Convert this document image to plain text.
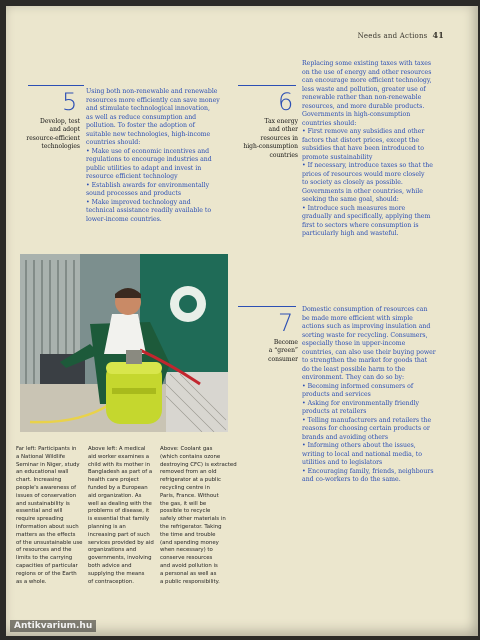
Needs and Actions 41
5
Develop, test
and adopt
resource-efficient
technologies
Using both non-renewable and renewable
resources more efficiently can save money
and stimulate technological innovation,
as well as reduce consumption and
pollution. To foster the adoption of
suitable new technologies, high-income
countries should:
• Make use of economic incentives and
regulations to encourage industries and
public utilities to adapt and invest in
resource efficient technology
• Establish awards for environmentally
sound processes and products
• Make improved technology and
technical assistance readily available to
lower-income countries.
6
Tax energy
and other
resources in
high-consumption
countries
Replacing some existing taxes with taxes
on the use of energy and other resources
can encourage more efficient technology,
less waste and pollution, greater use of
renewable rather than non-renewable
resources, and more durable products.
Governments in high-consumption
countries should:
• First remove any subsidies and other
factors that distort prices, except the
subsidies that have been introduced to
promote sustainability
• If necessary, introduce taxes so that the
prices of resources would more closely
to society as closely as possible.
Governments in other countries, while
seeking the same goal, should:
• Introduce such measures more
gradually and specifically, applying them
first to sectors where consumption is
particularly high and wasteful.
7
Become
a “green”
consumer
Domestic consumption of resources can
be made more efficient with simple
actions such as improving insulation and
sorting waste for recycling. Consumers,
especially those in upper-income
countries, can also use their buying power
to strengthen the market for goods that
do the least possible harm to the
environment. They can do so by:
• Becoming informed consumers of
products and services
• Asking for environmentally friendly
products at retailers
• Telling manufacturers and retailers the
reasons for choosing certain products or
brands and avoiding others
• Informing others about the issues,
writing to local and national media, to
utilities and to legislators
• Encouraging family, friends, neighbours
and co-workers to do the same.
Far left: Participants in
a National Wildlife
Seminar in Niger, study
an educational wall
chart. Increasing
people's awareness of
issues of conservation
and sustainability is
essential and will
require spreading
information about such
matters as the effects
of the unsustainable use
of resources and the
limits to the carrying
capacities of particular
regions or of the Earth
as a whole.
Above left: A medical
aid worker examines a
child with its mother in
Bangladesh as part of a
health care project
funded by a European
aid organization. As
well as dealing with the
problems of disease, it
is essential that family
planning is an
increasing part of such
services provided by aid
organizations and
governments, involving
both advice and
supplying the means
of contraception.
Above: Coolant gas
(which contains ozone
destroying CFC) is extracted
removed from an old
refrigerator at a public
recycling centre in
Paris, France. Without
the gas, it will be
possible to recycle
safely other materials in
the refrigerator. Taking
the time and trouble
(and spending money
when necessary) to
conserve resources
and avoid pollution is
a personal as well as
a public responsibility.
Antikvarium.hu
